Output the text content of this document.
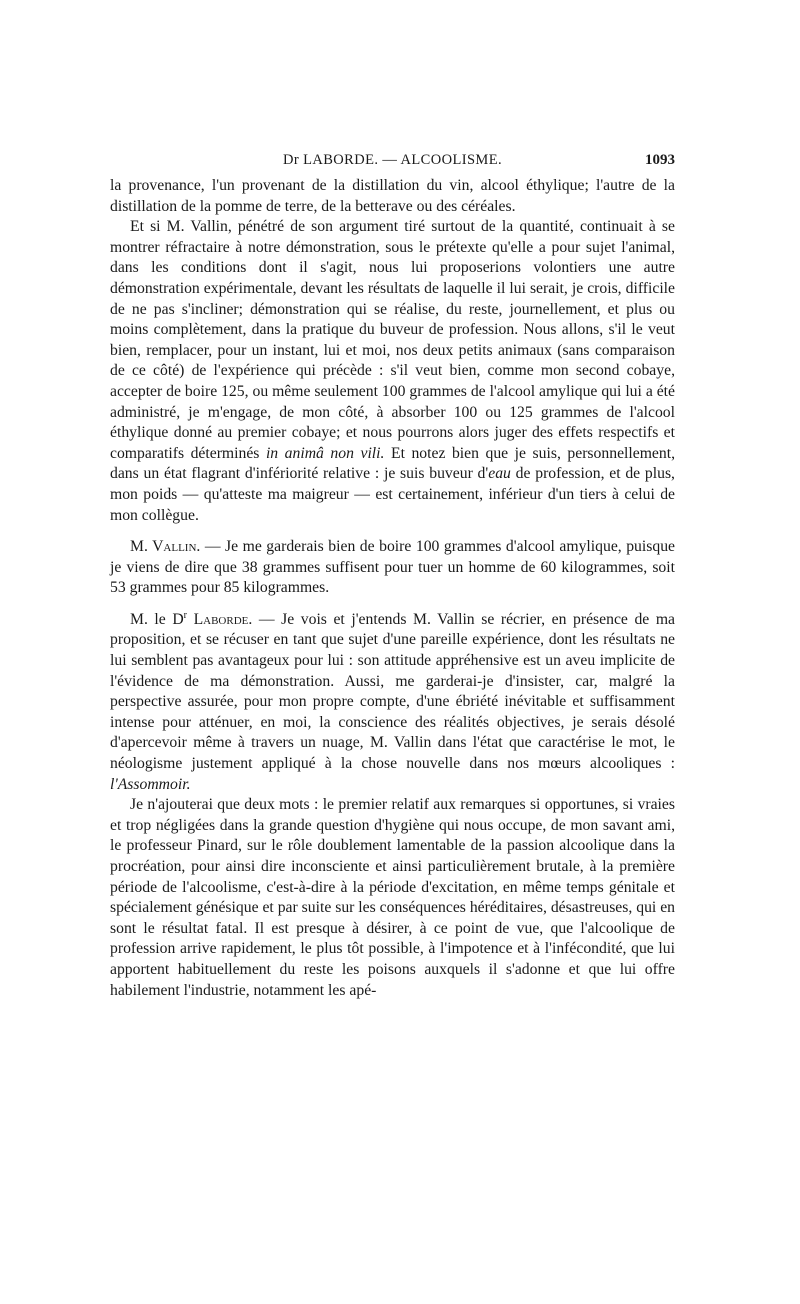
Dr LABORDE. — ALCOOLISME.	1093

la provenance, l'un provenant de la distillation du vin, alcool éthylique; l'autre de la distillation de la pomme de terre, de la betterave ou des céréales.

Et si M. Vallin, pénétré de son argument tiré surtout de la quantité, continuait à se montrer réfractaire à notre démonstration, sous le prétexte qu'elle a pour sujet l'animal, dans les conditions dont il s'agit, nous lui proposerions volontiers une autre démonstration expérimentale, devant les résultats de laquelle il lui serait, je crois, difficile de ne pas s'incliner; démonstration qui se réalise, du reste, journellement, et plus ou moins complètement, dans la pratique du buveur de profession. Nous allons, s'il le veut bien, remplacer, pour un instant, lui et moi, nos deux petits animaux (sans comparaison de ce côté) de l'expérience qui précède : s'il veut bien, comme mon second cobaye, accepter de boire 125, ou même seulement 100 grammes de l'alcool amylique qui lui a été administré, je m'engage, de mon côté, à absorber 100 ou 125 grammes de l'alcool éthylique donné au premier cobaye; et nous pourrons alors juger des effets respectifs et comparatifs déterminés in animâ non vili. Et notez bien que je suis, personnellement, dans un état flagrant d'infériorité relative : je suis buveur d'eau de profession, et de plus, mon poids — qu'atteste ma maigreur — est certainement, inférieur d'un tiers à celui de mon collègue.

M. Vallin. — Je me garderais bien de boire 100 grammes d'alcool amylique, puisque je viens de dire que 38 grammes suffisent pour tuer un homme de 60 kilogrammes, soit 53 grammes pour 85 kilogrammes.

M. le $D^r$ Laborde. — Je vois et j'entends M. Vallin se récrier, en présence de ma proposition, et se récuser en tant que sujet d'une pareille expérience, dont les résultats ne lui semblent pas avantageux pour lui : son attitude appréhensive est un aveu implicite de l'évidence de ma démonstration. Aussi, me garderai-je d'insister, car, malgré la perspective assurée, pour mon propre compte, d'une ébriété inévitable et suffisamment intense pour atténuer, en moi, la conscience des réalités objectives, je serais désolé d'apercevoir même à travers un nuage, M. Vallin dans l'état que caractérise le mot, le néologisme justement appliqué à la chose nouvelle dans nos mœurs alcooliques : l'Assommoir.

Je n'ajouterai que deux mots : le premier relatif aux remarques si opportunes, si vraies et trop négligées dans la grande question d'hygiène qui nous occupe, de mon savant ami, le professeur Pinard, sur le rôle doublement lamentable de la passion alcoolique dans la procréation, pour ainsi dire inconsciente et ainsi particulièrement brutale, à la première période de l'alcoolisme, c'est-à-dire à la période d'excitation, en même temps génitale et spécialement génésique et par suite sur les conséquences héréditaires, désastreuses, qui en sont le résultat fatal. Il est presque à désirer, à ce point de vue, que l'alcoolique de profession arrive rapidement, le plus tôt possible, à l'impotence et à l'infécondité, que lui apportent habituellement du reste les poisons auxquels il s'adonne et que lui offre habilement l'industrie, notamment les apé-
